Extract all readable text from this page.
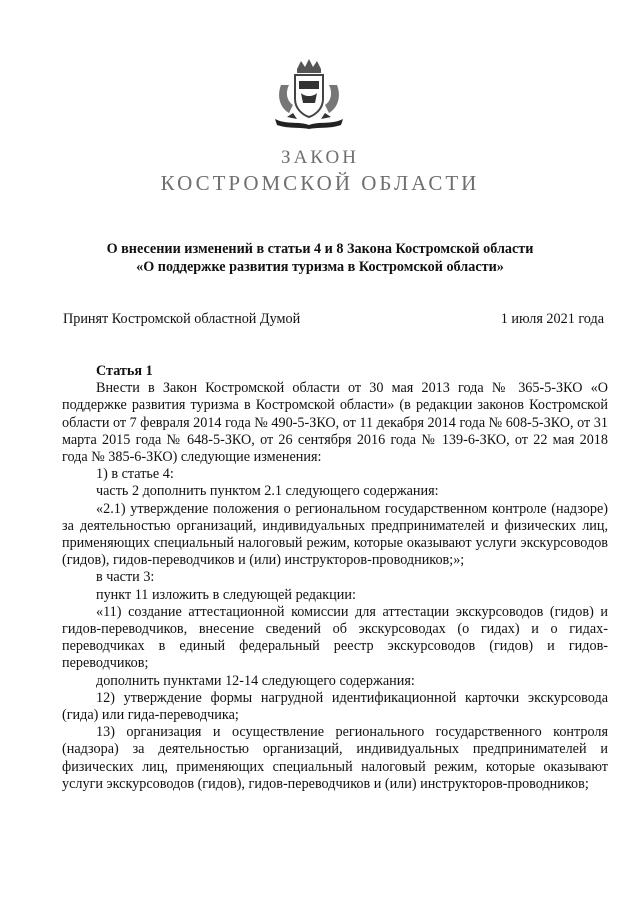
ЗАКОН
КОСТРОМСКОЙ ОБЛАСТИ
О внесении изменений в статьи 4 и 8 Закона Костромской области
«О поддержке развития туризма в Костромской области»
Принят Костромской областной Думой	1 июля 2021 года

Статья 1

Внести в Закон Костромской области от 30 мая 2013 года № 365-5-ЗКО «О поддержке развития туризма в Костромской области» (в редакции законов Костромской области от 7 февраля 2014 года № 490-5-ЗКО, от 11 декабря 2014 года № 608-5-ЗКО, от 31 марта 2015 года № 648-5-ЗКО, от 26 сентября 2016 года № 139-6-ЗКО, от 22 мая 2018 года № 385-6-ЗКО) следующие изменения:

1) в статье 4:

часть 2 дополнить пунктом 2.1 следующего содержания:

«2.1) утверждение положения о региональном государственном контроле (надзоре) за деятельностью организаций, индивидуальных предпринимателей и физических лиц, применяющих специальный налоговый режим, которые оказывают услуги экскурсоводов (гидов), гидов-переводчиков и (или) инструкторов-проводников;»;

в части 3:

пункт 11 изложить в следующей редакции:

«11) создание аттестационной комиссии для аттестации экскурсоводов (гидов) и гидов-переводчиков, внесение сведений об экскурсоводах (о гидах) и о гидах-переводчиках в единый федеральный реестр экскурсоводов (гидов) и гидов-переводчиков;

дополнить пунктами 12-14 следующего содержания:

12) утверждение формы нагрудной идентификационной карточки экскурсовода (гида) или гида-переводчика;

13) организация и осуществление регионального государственного контроля (надзора) за деятельностью организаций, индивидуальных предпринимателей и физических лиц, применяющих специальный налоговый режим, которые оказывают услуги экскурсоводов (гидов), гидов-переводчиков и (или) инструкторов-проводников;
